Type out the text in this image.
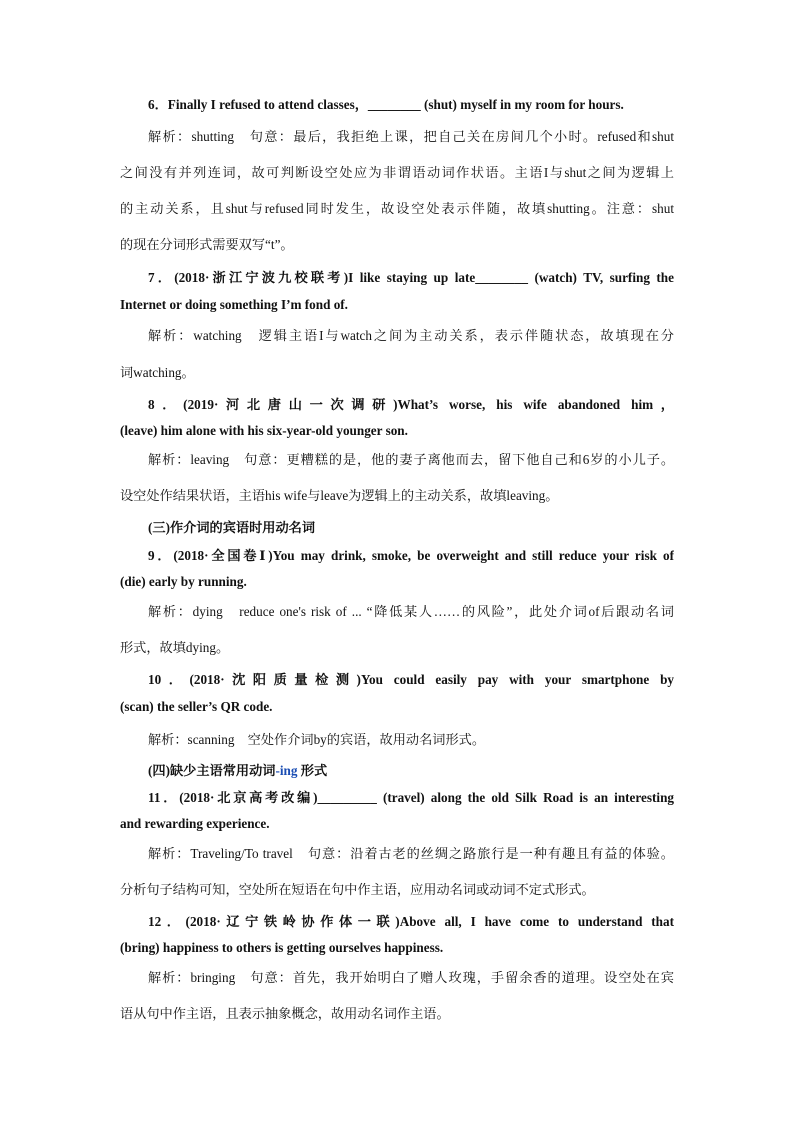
6．Finally I refused to attend classes，________ (shut) myself in my room for hours.
解析：shutting　句意：最后，我拒绝上课，把自己关在房间几个小时。refused和shut
之间没有并列连词，故可判断设空处应为非谓语动词作状语。主语I与shut之间为逻辑上
的主动关系，且shut与refused同时发生，故设空处表示伴随，故填shutting。注意：shut
的现在分词形式需要双写“t”。
7．(2018·浙江宁波九校联考)I like staying up late________ (watch) TV, surfing the
Internet or doing something I’m fond of.
解析：watching　逻辑主语I与watch之间为主动关系，表示伴随状态，故填现在分
词watching。
8．(2019·河北唐山一次调研)What’s worse, his wife abandoned him，
(leave) him alone with his six-year-old younger son.
解析：leaving　句意：更糟糕的是，他的妻子离他而去，留下他自己和6岁的小儿子。
设空处作结果状语，主语his wife与leave为逻辑上的主动关系，故填leaving。
(三)作介词的宾语时用动名词
9．(2018·全国卷Ⅰ)You may drink, smoke, be overweight and still reduce your risk of
(die) early by running.
解析：dying　reduce one's risk of ... “降低某人……的风险”，此处介词of后跟动名词
形式，故填dying。
10．(2018·沈阳质量检测)You could easily pay with your smartphone by
(scan) the seller’s QR code.
解析：scanning　空处作介词by的宾语，故用动名词形式。
(四)缺少主语常用动词-ing 形式
11．(2018·北京高考改编)_________ (travel) along the old Silk Road is an interesting
and rewarding experience.
解析：Traveling/To travel　句意：沿着古老的丝绸之路旅行是一种有趣且有益的体验。
分析句子结构可知，空处所在短语在句中作主语，应用动名词或动词不定式形式。
12．(2018·辽宁铁岭协作体一联)Above all, I have come to understand that
(bring) happiness to others is getting ourselves happiness.
解析：bringing　句意：首先，我开始明白了赠人玫瑰，手留余香的道理。设空处在宾
语从句中作主语，且表示抽象概念，故用动名词作主语。
